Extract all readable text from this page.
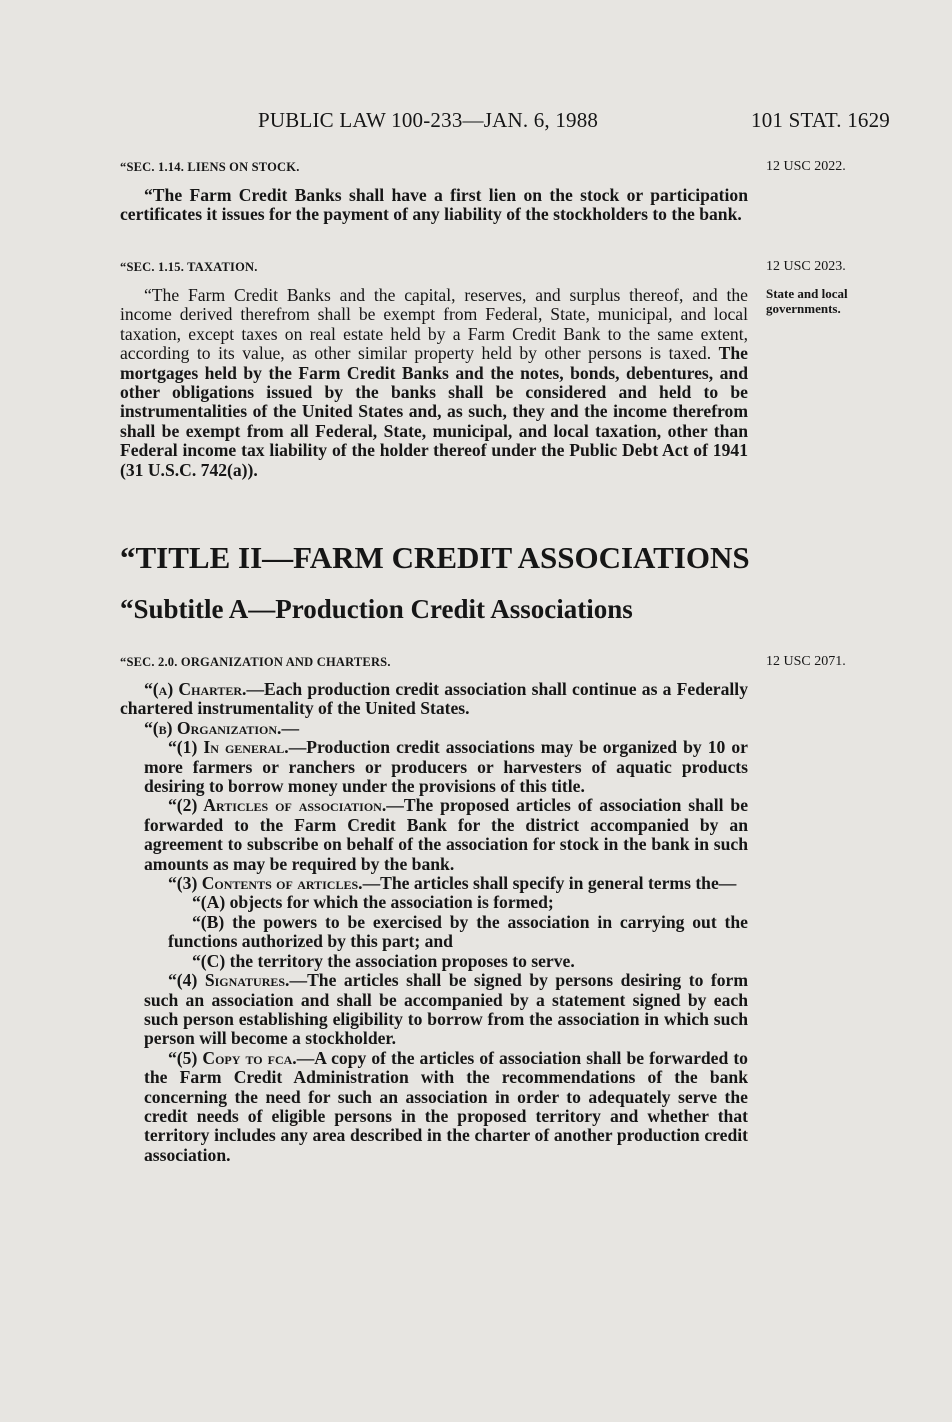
PUBLIC LAW 100-233—JAN. 6, 1988	101 STAT. 1629
“SEC. 1.14. LIENS ON STOCK.	12 USC 2022.

“The Farm Credit Banks shall have a first lien on the stock or participation certificates it issues for the payment of any liability of the stockholders to the bank.

“SEC. 1.15. TAXATION.	12 USC 2023.
State and local governments.

“The Farm Credit Banks and the capital, reserves, and surplus thereof, and the income derived therefrom shall be exempt from Federal, State, municipal, and local taxation, except taxes on real estate held by a Farm Credit Bank to the same extent, according to its value, as other similar property held by other persons is taxed. The mortgages held by the Farm Credit Banks and the notes, bonds, debentures, and other obligations issued by the banks shall be considered and held to be instrumentalities of the United States and, as such, they and the income therefrom shall be exempt from all Federal, State, municipal, and local taxation, other than Federal income tax liability of the holder thereof under the Public Debt Act of 1941 (31 U.S.C. 742(a)).

“TITLE II—FARM CREDIT ASSOCIATIONS
“Subtitle A—Production Credit Associations
“SEC. 2.0. ORGANIZATION AND CHARTERS.	12 USC 2071.

“(a) Charter.—Each production credit association shall continue as a Federally chartered instrumentality of the United States.

“(b) Organization.—

“(1) In general.—Production credit associations may be organized by 10 or more farmers or ranchers or producers or harvesters of aquatic products desiring to borrow money under the provisions of this title.

“(2) Articles of association.—The proposed articles of association shall be forwarded to the Farm Credit Bank for the district accompanied by an agreement to subscribe on behalf of the association for stock in the bank in such amounts as may be required by the bank.

“(3) Contents of articles.—The articles shall specify in general terms the—

“(A) objects for which the association is formed;

“(B) the powers to be exercised by the association in carrying out the functions authorized by this part; and

“(C) the territory the association proposes to serve.

“(4) Signatures.—The articles shall be signed by persons desiring to form such an association and shall be accompanied by a statement signed by each such person establishing eligibility to borrow from the association in which such person will become a stockholder.

“(5) Copy to fca.—A copy of the articles of association shall be forwarded to the Farm Credit Administration with the recommendations of the bank concerning the need for such an association in order to adequately serve the credit needs of eligible persons in the proposed territory and whether that territory includes any area described in the charter of another production credit association.
